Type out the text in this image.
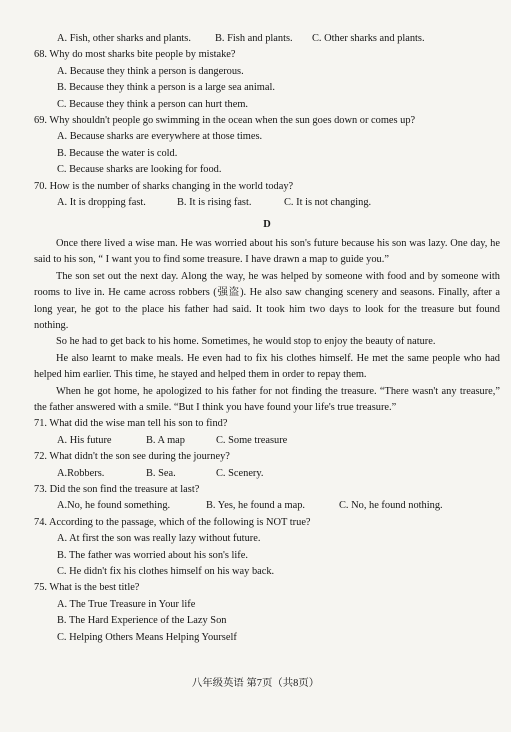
A. Fish, other sharks and plants.	B. Fish and plants.	C. Other sharks and plants.
68. Why do most sharks bite people by mistake?
A. Because they think a person is dangerous.
B. Because they think a person is a large sea animal.
C. Because they think a person can hurt them.
69. Why shouldn't people go swimming in the ocean when the sun goes down or comes up?
A. Because sharks are everywhere at those times.
B. Because the water is cold.
C. Because sharks are looking for food.
70. How is the number of sharks changing in the world today?
A. It is dropping fast.	B. It is rising fast.	C. It is not changing.
D
Once there lived a wise man. He was worried about his son's future because his son was lazy. One day, he said to his son, “ I want you to find some treasure. I have drawn a map to guide you.”
The son set out the next day. Along the way, he was helped by someone with food and by someone with rooms to live in. He came across robbers (强盗). He also saw changing scenery and seasons. Finally, after a long year, he got to the place his father had said. It took him two days to look for the treasure but found nothing.
So he had to get back to his home. Sometimes, he would stop to enjoy the beauty of nature.
He also learnt to make meals. He even had to fix his clothes himself. He met the same people who had helped him earlier. This time, he stayed and helped them in order to repay them.
When he got home, he apologized to his father for not finding the treasure. “There wasn't any treasure,” the father answered with a smile. “But I think you have found your life's true treasure.”
71. What did the wise man tell his son to find?
A. His future	B. A map	C. Some treasure
72. What didn't the son see during the journey?
A.Robbers.	B. Sea.	C. Scenery.
73. Did the son find the treasure at last?
A.No, he found something.	B. Yes, he found a map.	C. No, he found nothing.
74. According to the passage, which of the following is NOT true?
A. At first the son was really lazy without future.
B. The father was worried about his son's life.
C. He didn't fix his clothes himself on his way back.
75. What is the best title?
A. The True Treasure in Your life
B. The Hard Experience of the Lazy Son
C. Helping Others Means Helping Yourself
八年级英语 第7页（共8页）
